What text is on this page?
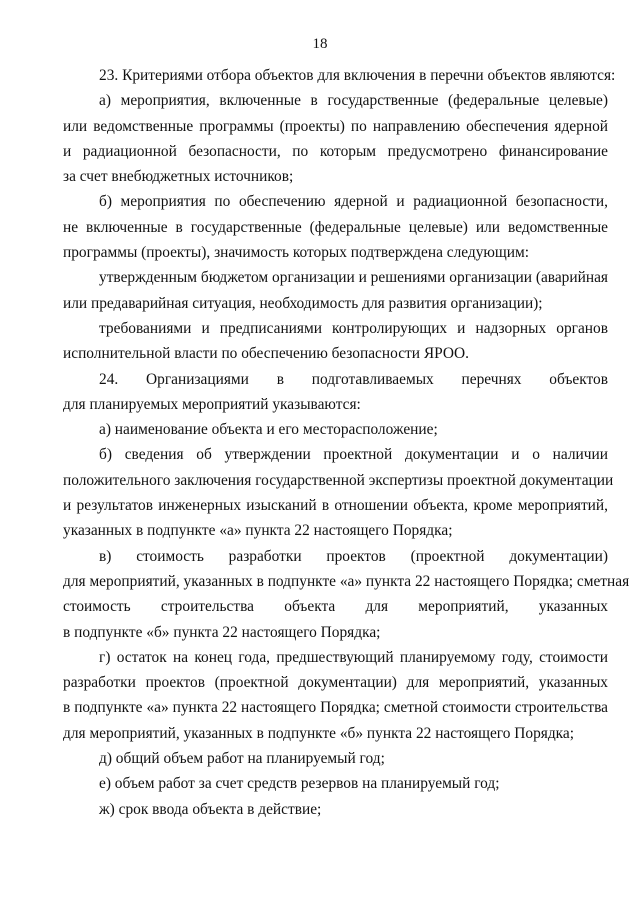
18

23. Критериями отбора объектов для включения в перечни объектов являются:

а) мероприятия, включенные в государственные (федеральные целевые)
или ведомственные программы (проекты) по направлению обеспечения ядерной
и радиационной безопасности, по которым предусмотрено финансирование
за счет внебюджетных источников;

б) мероприятия по обеспечению ядерной и радиационной безопасности,
не включенные в государственные (федеральные целевые) или ведомственные
программы (проекты), значимость которых подтверждена следующим:

утвержденным бюджетом организации и решениями организации (аварийная
или предаварийная ситуация, необходимость для развития организации);

требованиями и предписаниями контролирующих и надзорных органов
исполнительной власти по обеспечению безопасности ЯРОО.

24. Организациями в подготавливаемых перечнях объектов
для планируемых мероприятий указываются:

а) наименование объекта и его месторасположение;

б) сведения об утверждении проектной документации и о наличии
положительного заключения государственной экспертизы проектной документации
и результатов инженерных изысканий в отношении объекта, кроме мероприятий,
указанных в подпункте «а» пункта 22 настоящего Порядка;

в) стоимость разработки проектов (проектной документации)
для мероприятий, указанных в подпункте «а» пункта 22 настоящего Порядка; сметная
стоимость строительства объекта для мероприятий, указанных
в подпункте «б» пункта 22 настоящего Порядка;

г) остаток на конец года, предшествующий планируемому году, стоимости
разработки проектов (проектной документации) для мероприятий, указанных
в подпункте «а» пункта 22 настоящего Порядка; сметной стоимости строительства
для мероприятий, указанных в подпункте «б» пункта 22 настоящего Порядка;

д) общий объем работ на планируемый год;

е) объем работ за счет средств резервов на планируемый год;

ж) срок ввода объекта в действие;
